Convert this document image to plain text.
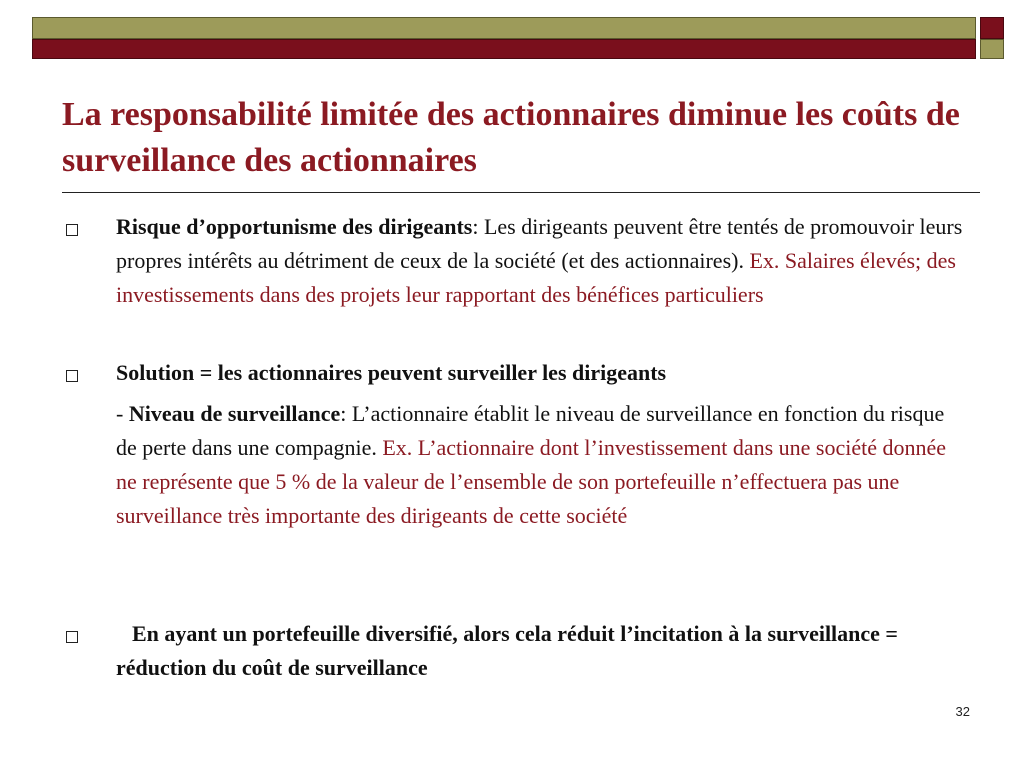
La responsabilité limitée des actionnaires diminue les coûts de surveillance des actionnaires
Risque d’opportunisme des dirigeants: Les dirigeants peuvent être tentés de promouvoir leurs propres intérêts au détriment de ceux de la société (et des actionnaires). Ex. Salaires élevés; des investissements dans des projets leur rapportant des bénéfices particuliers
Solution = les actionnaires peuvent surveiller les dirigeants
- Niveau de surveillance: L’actionnaire établit le niveau de surveillance en fonction du risque de perte dans une compagnie. Ex. L’actionnaire dont l’investissement dans une société donnée ne représente que 5 % de la valeur de l’ensemble de son portefeuille n’effectuera pas une surveillance très importante des dirigeants de cette société
En ayant un portefeuille diversifié, alors cela réduit l’incitation à la surveillance = réduction du coût de surveillance
32
